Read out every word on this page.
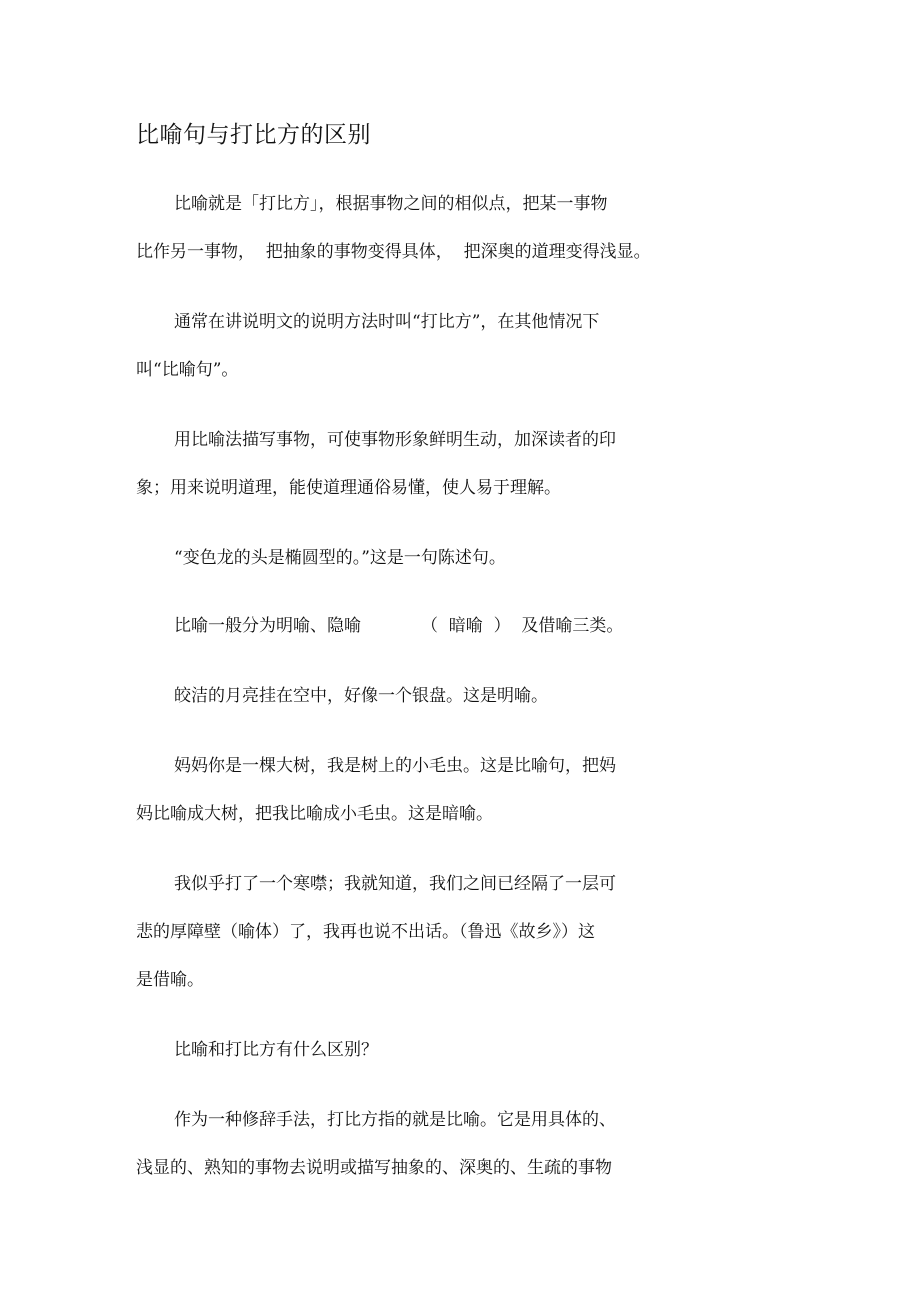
比喻句与打比方的区别

比喻就是「打比方」，根据事物之间的相似点，把某一事物

比作另一事物，  把抽象的事物变得具体，  把深奥的道理变得浅显。

通常在讲说明文的说明方法时叫“打比方”，在其他情况下

叫“比喻句”。

用比喻法描写事物，可使事物形象鲜明生动，加深读者的印

象；用来说明道理，能使道理通俗易懂，使人易于理解。

“变色龙的头是椭圆型的。”这是一句陈述句。

比喻一般分为明喻、隐喻	（  暗喻  ）  及借喻三类。

皎洁的月亮挂在空中，好像一个银盘。这是明喻。

妈妈你是一棵大树，我是树上的小毛虫。这是比喻句，把妈

妈比喻成大树，把我比喻成小毛虫。这是暗喻。

我似乎打了一个寒噤；我就知道，我们之间已经隔了一层可

悲的厚障壁（喻体）了，我再也说不出话。（鲁迅《故乡》）这

是借喻。

比喻和打比方有什么区别？

作为一种修辞手法，打比方指的就是比喻。它是用具体的、

浅显的、熟知的事物去说明或描写抽象的、深奥的、生疏的事物
